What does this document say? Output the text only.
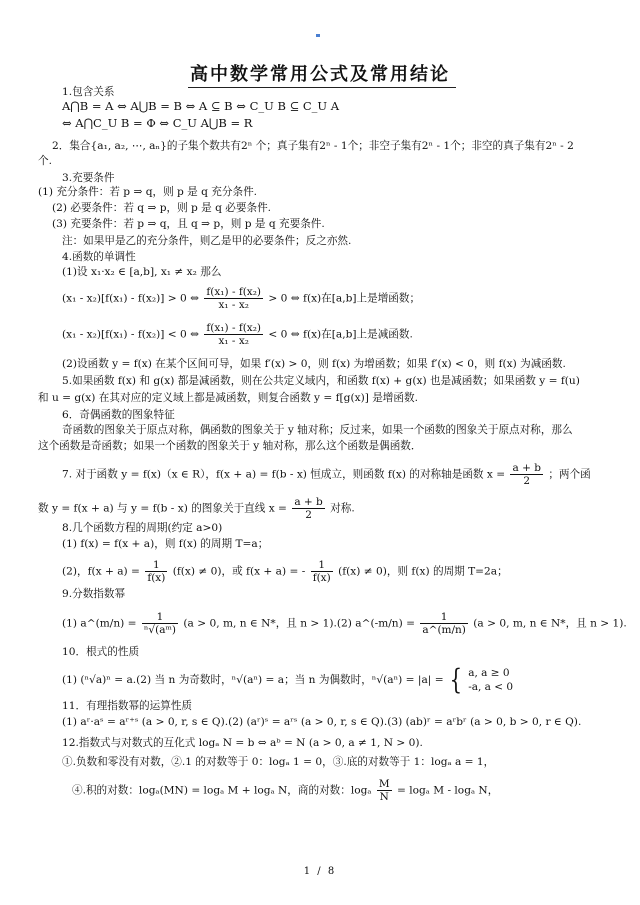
高中数学常用公式及常用结论
1.包含关系
A⋂B = A ⇔ A⋃B = B ⇔ A ⊆ B ⇔ C_U B ⊆ C_U A
⇔ A⋂C_U B = Φ ⇔ C_U A⋃B = R
2．集合{a₁, a₂, ⋯, aₙ}的子集个数共有2ⁿ 个；真子集有2ⁿ - 1个；非空子集有2ⁿ - 1个；非空的真子集有2ⁿ - 2
个.
3.充要条件
(1) 充分条件：若 p ⇒ q，则 p 是 q 充分条件.
(2) 必要条件：若 q ⇒ p，则 p 是 q 必要条件.
(3) 充要条件：若 p ⇒ q，且 q ⇒ p，则 p 是 q 充要条件.
注：如果甲是乙的充分条件，则乙是甲的必要条件；反之亦然.
4.函数的单调性
(1)设 x₁·x₂ ∈ [a,b], x₁ ≠ x₂ 那么
(x₁ - x₂)[f(x₁) - f(x₂)] > 0 ⇔ $\frac{\text{f(x₁) - f(x₂)}}{\text{x₁ - x₂}} > 0$ ⇔ f(x)在[a,b]上是增函数；
(x₁ - x₂)[f(x₁) - f(x₂)] < 0 ⇔ $\frac{\text{f(x₁) - f(x₂)}}{\text{x₁ - x₂}} < 0$ ⇔ f(x)在[a,b]上是减函数.
(2)设函数 y = f(x) 在某个区间可导，如果 f′(x) > 0，则 f(x) 为增函数；如果 f′(x) < 0，则 f(x) 为减函数.
5.如果函数 f(x) 和 g(x) 都是减函数，则在公共定义域内，和函数 f(x) + g(x) 也是减函数；如果函数 y = f(u)
和 u = g(x) 在其对应的定义域上都是减函数，则复合函数 y = f[g(x)] 是增函数.
6．奇偶函数的图象特征
奇函数的图象关于原点对称，偶函数的图象关于 y 轴对称；反过来，如果一个函数的图象关于原点对称，那么
这个函数是奇函数；如果一个函数的图象关于 y 轴对称，那么这个函数是偶函数．
7. 对于函数 y = f(x)（x ∈ R），f(x + a) = f(b - x) 恒成立，则函数 f(x) 的对称轴是函数 $x = \frac{a + b}{2}$ ；两个函
数 y = f(x + a) 与 y = f(b - x) 的图象关于直线 $x = \frac{a + b}{2}$ 对称.
8.几个函数方程的周期(约定 a>0)
(1) f(x) = f(x + a)，则 f(x) 的周期 T=a；
(2)，$f(x + a) = \frac{1}{f(x)} (f(x) \ne 0)$，或 f(x + a) = - $\frac{1}{f(x)} (f(x) \ne 0)$，则 f(x) 的周期 T=2a；
9.分数指数幂
(1) a^(m/n) = $\frac{1}{\text{ⁿ√(aᵐ)}} (a > 0$, m, n ∈ N*，且 n > 1).(2) a^(-m/n) = $\frac{1}{a\^{}(m/n)} (a > 0$, m, n ∈ N*，且 n > 1).
10．根式的性质
(1) (ⁿ√a)ⁿ = a.(2) 当 n 为奇数时，ⁿ√(aⁿ) = a；当 n 为偶数时，ⁿ√(aⁿ) = |a| = { a, a ≥ 0
-a, a < 0
11．有理指数幂的运算性质
(1) aʳ·aˢ = aʳ⁺ˢ (a > 0, r, s ∈ Q).(2) (aʳ)ˢ = aʳˢ (a > 0, r, s ∈ Q).(3) (ab)ʳ = aʳbʳ (a > 0, b > 0, r ∈ Q).
12.指数式与对数式的互化式 logₐ N = b ⇔ aᵇ = N (a > 0, a ≠ 1, N > 0).
①.负数和零没有对数，②.1 的对数等于 0：logₐ 1 = 0，③.底的对数等于 1：logₐ a = 1，
④.积的对数：logₐ(MN) = logₐ M + logₐ N，商的对数：logₐ $\frac{M}{N} = \log_a$ M - logₐ N，
1 / 8
